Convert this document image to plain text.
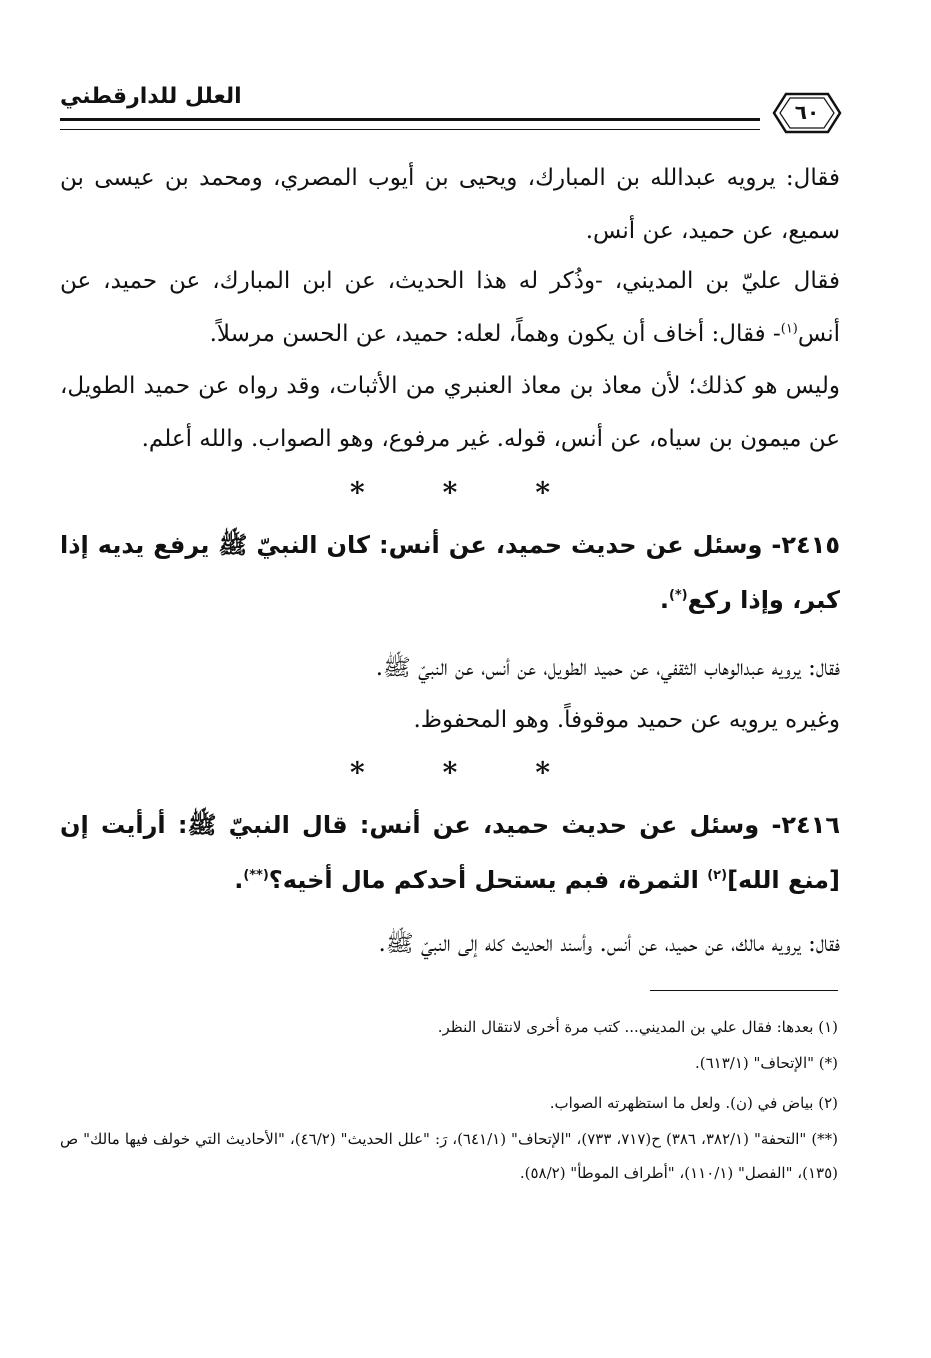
العلل للدارقطني
٦٠
فقال: يرويه عبدالله بن المبارك، ويحيى بن أيوب المصري، ومحمد بن عيسى بن سميع، عن حميد، عن أنس.
فقال عليّ بن المديني، -وذُكر له هذا الحديث، عن ابن المبارك، عن حميد، عن أنس$^{(١)}$- فقال: أخاف أن يكون وهماً، لعله: حميد، عن الحسن مرسلاً.
وليس هو كذلك؛ لأن معاذ بن معاذ العنبري من الأثبات، وقد رواه عن حميد الطويل، عن ميمون بن سياه، عن أنس، قوله. غير مرفوع، وهو الصواب. والله أعلم.
*	*	*
٢٤١٥- وسئل عن حديث حميد، عن أنس: كان النبيّ ﷺ يرفع يديه إذا كبر، وإذا ركع(*).
فقال: يرويه عبدالوهاب الثقفي، عن حميد الطويل، عن أنس، عن النبيّ ﷺ.
وغيره يرويه عن حميد موقوفاً. وهو المحفوظ.
*	*	*
٢٤١٦- وسئل عن حديث حميد، عن أنس: قال النبيّ ﷺ: أرأيت إن [منع الله]$^{(٢)}$ الثمرة، فبم يستحل أحدكم مال أخيه؟(**).
فقال: يرويه مالك، عن حميد، عن أنس. وأسند الحديث كله إلى النبيّ ﷺ.
(١) بعدها: فقال علي بن المديني... كتب مرة أخرى لانتقال النظر.
(*) "الإتحاف" (٦١٣/١).
(٢) بياض في (ن). ولعل ما استظهرته الصواب.
(**) "التحفة" (٣٨٢/١، ٣٨٦) ح(٧١٧، ٧٣٣)، "الإتحاف" (٦٤١/١)، رَ: "علل الحديث" (٤٦/٢)، "الأحاديث التي خولف فيها مالك" ص (١٣٥)، "الفصل" (١١٠/١)، "أطراف الموطأ" (٥٨/٢).
